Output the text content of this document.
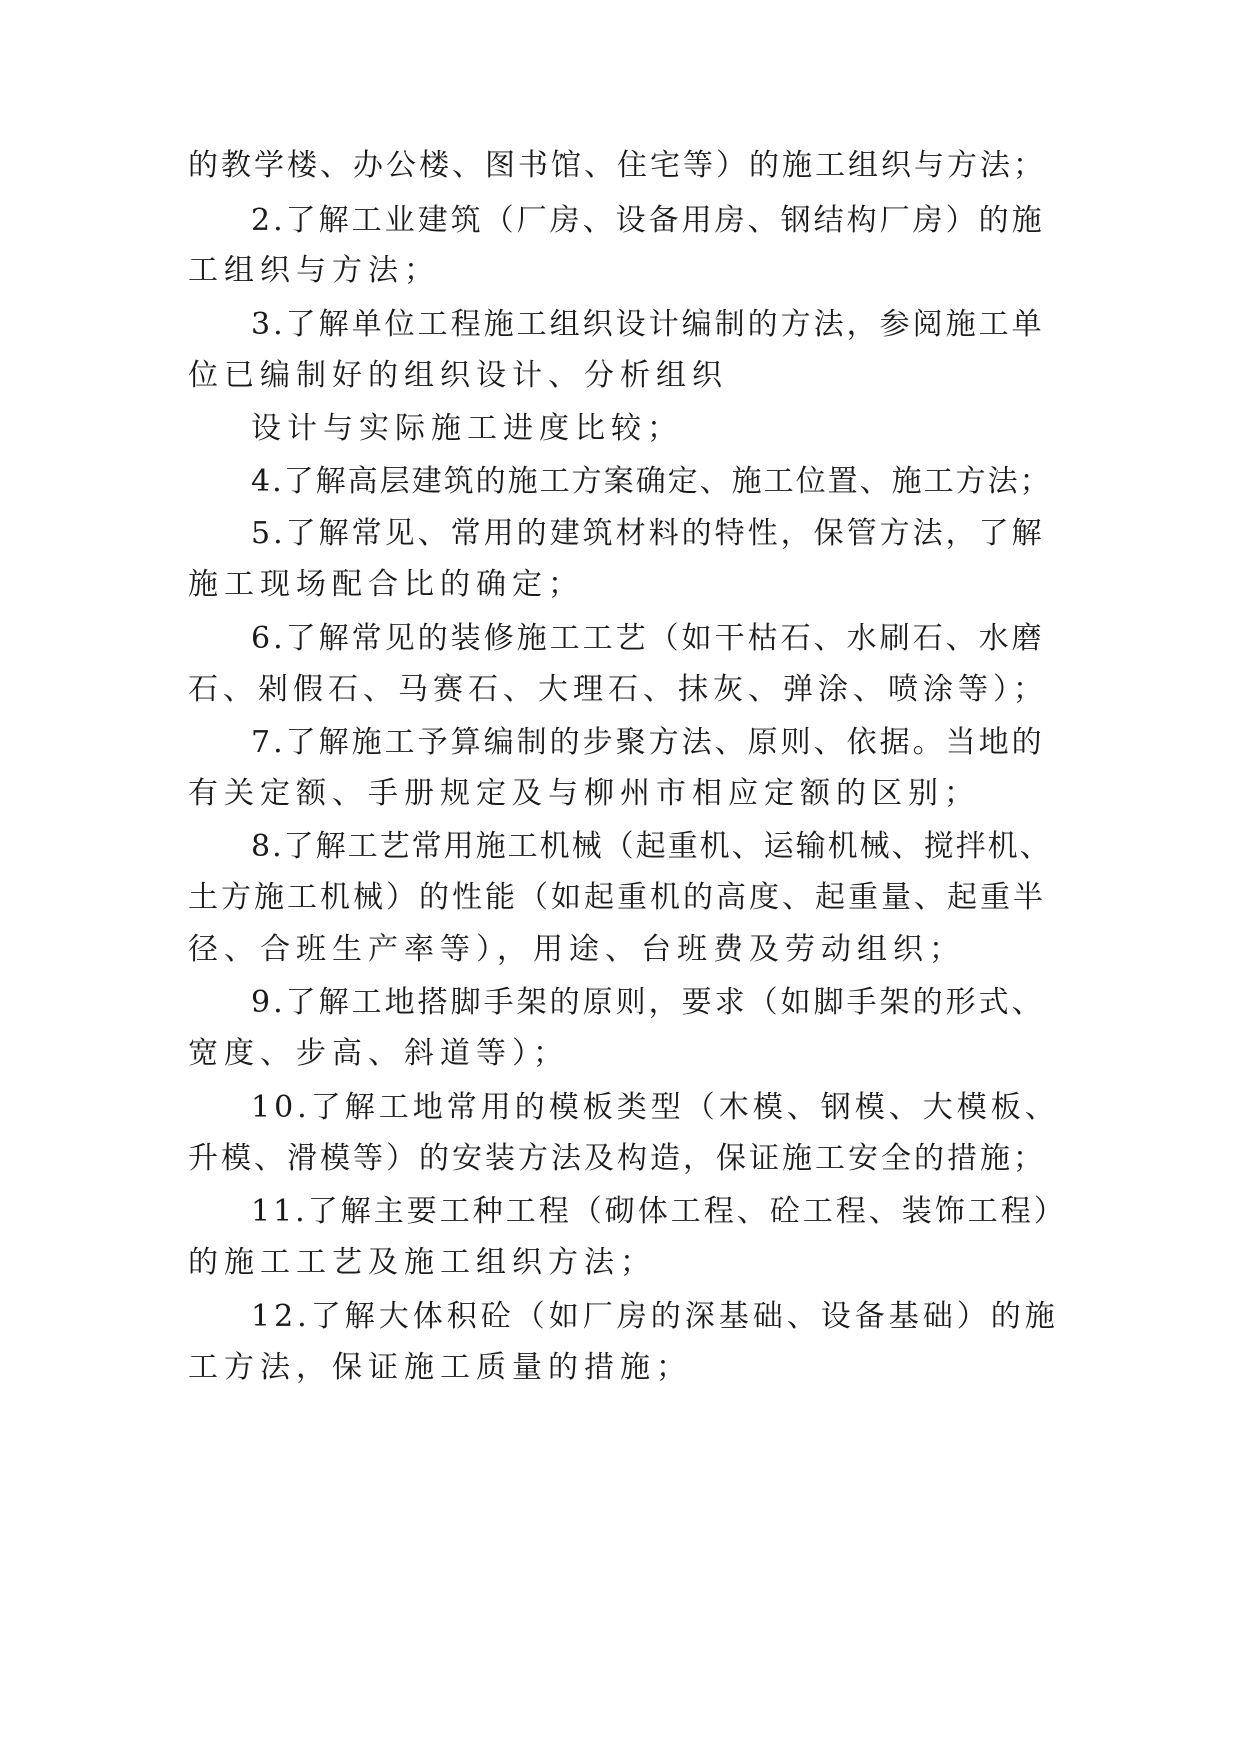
的教学楼、办公楼、图书馆、住宅等）的施工组织与方法；
2.了解工业建筑（厂房、设备用房、钢结构厂房）的施
工组织与方法；
3.了解单位工程施工组织设计编制的方法，参阅施工单
位已编制好的组织设计、分析组织
设计与实际施工进度比较；
4.了解高层建筑的施工方案确定、施工位置、施工方法；
5.了解常见、常用的建筑材料的特性，保管方法，了解
施工现场配合比的确定；
6.了解常见的装修施工工艺（如干枯石、水刷石、水磨
石、剁假石、马赛石、大理石、抹灰、弹涂、喷涂等）；
7.了解施工予算编制的步聚方法、原则、依据。当地的
有关定额、手册规定及与柳州市相应定额的区别；
8.了解工艺常用施工机械（起重机、运输机械、搅拌机、
土方施工机械）的性能（如起重机的高度、起重量、起重半
径、合班生产率等），用途、台班费及劳动组织；
9.了解工地搭脚手架的原则，要求（如脚手架的形式、
宽度、步高、斜道等）；
10.了解工地常用的模板类型（木模、钢模、大模板、
升模、滑模等）的安装方法及构造，保证施工安全的措施；
11.了解主要工种工程（砌体工程、砼工程、装饰工程）
的施工工艺及施工组织方法；
12.了解大体积砼（如厂房的深基础、设备基础）的施
工方法，保证施工质量的措施；
